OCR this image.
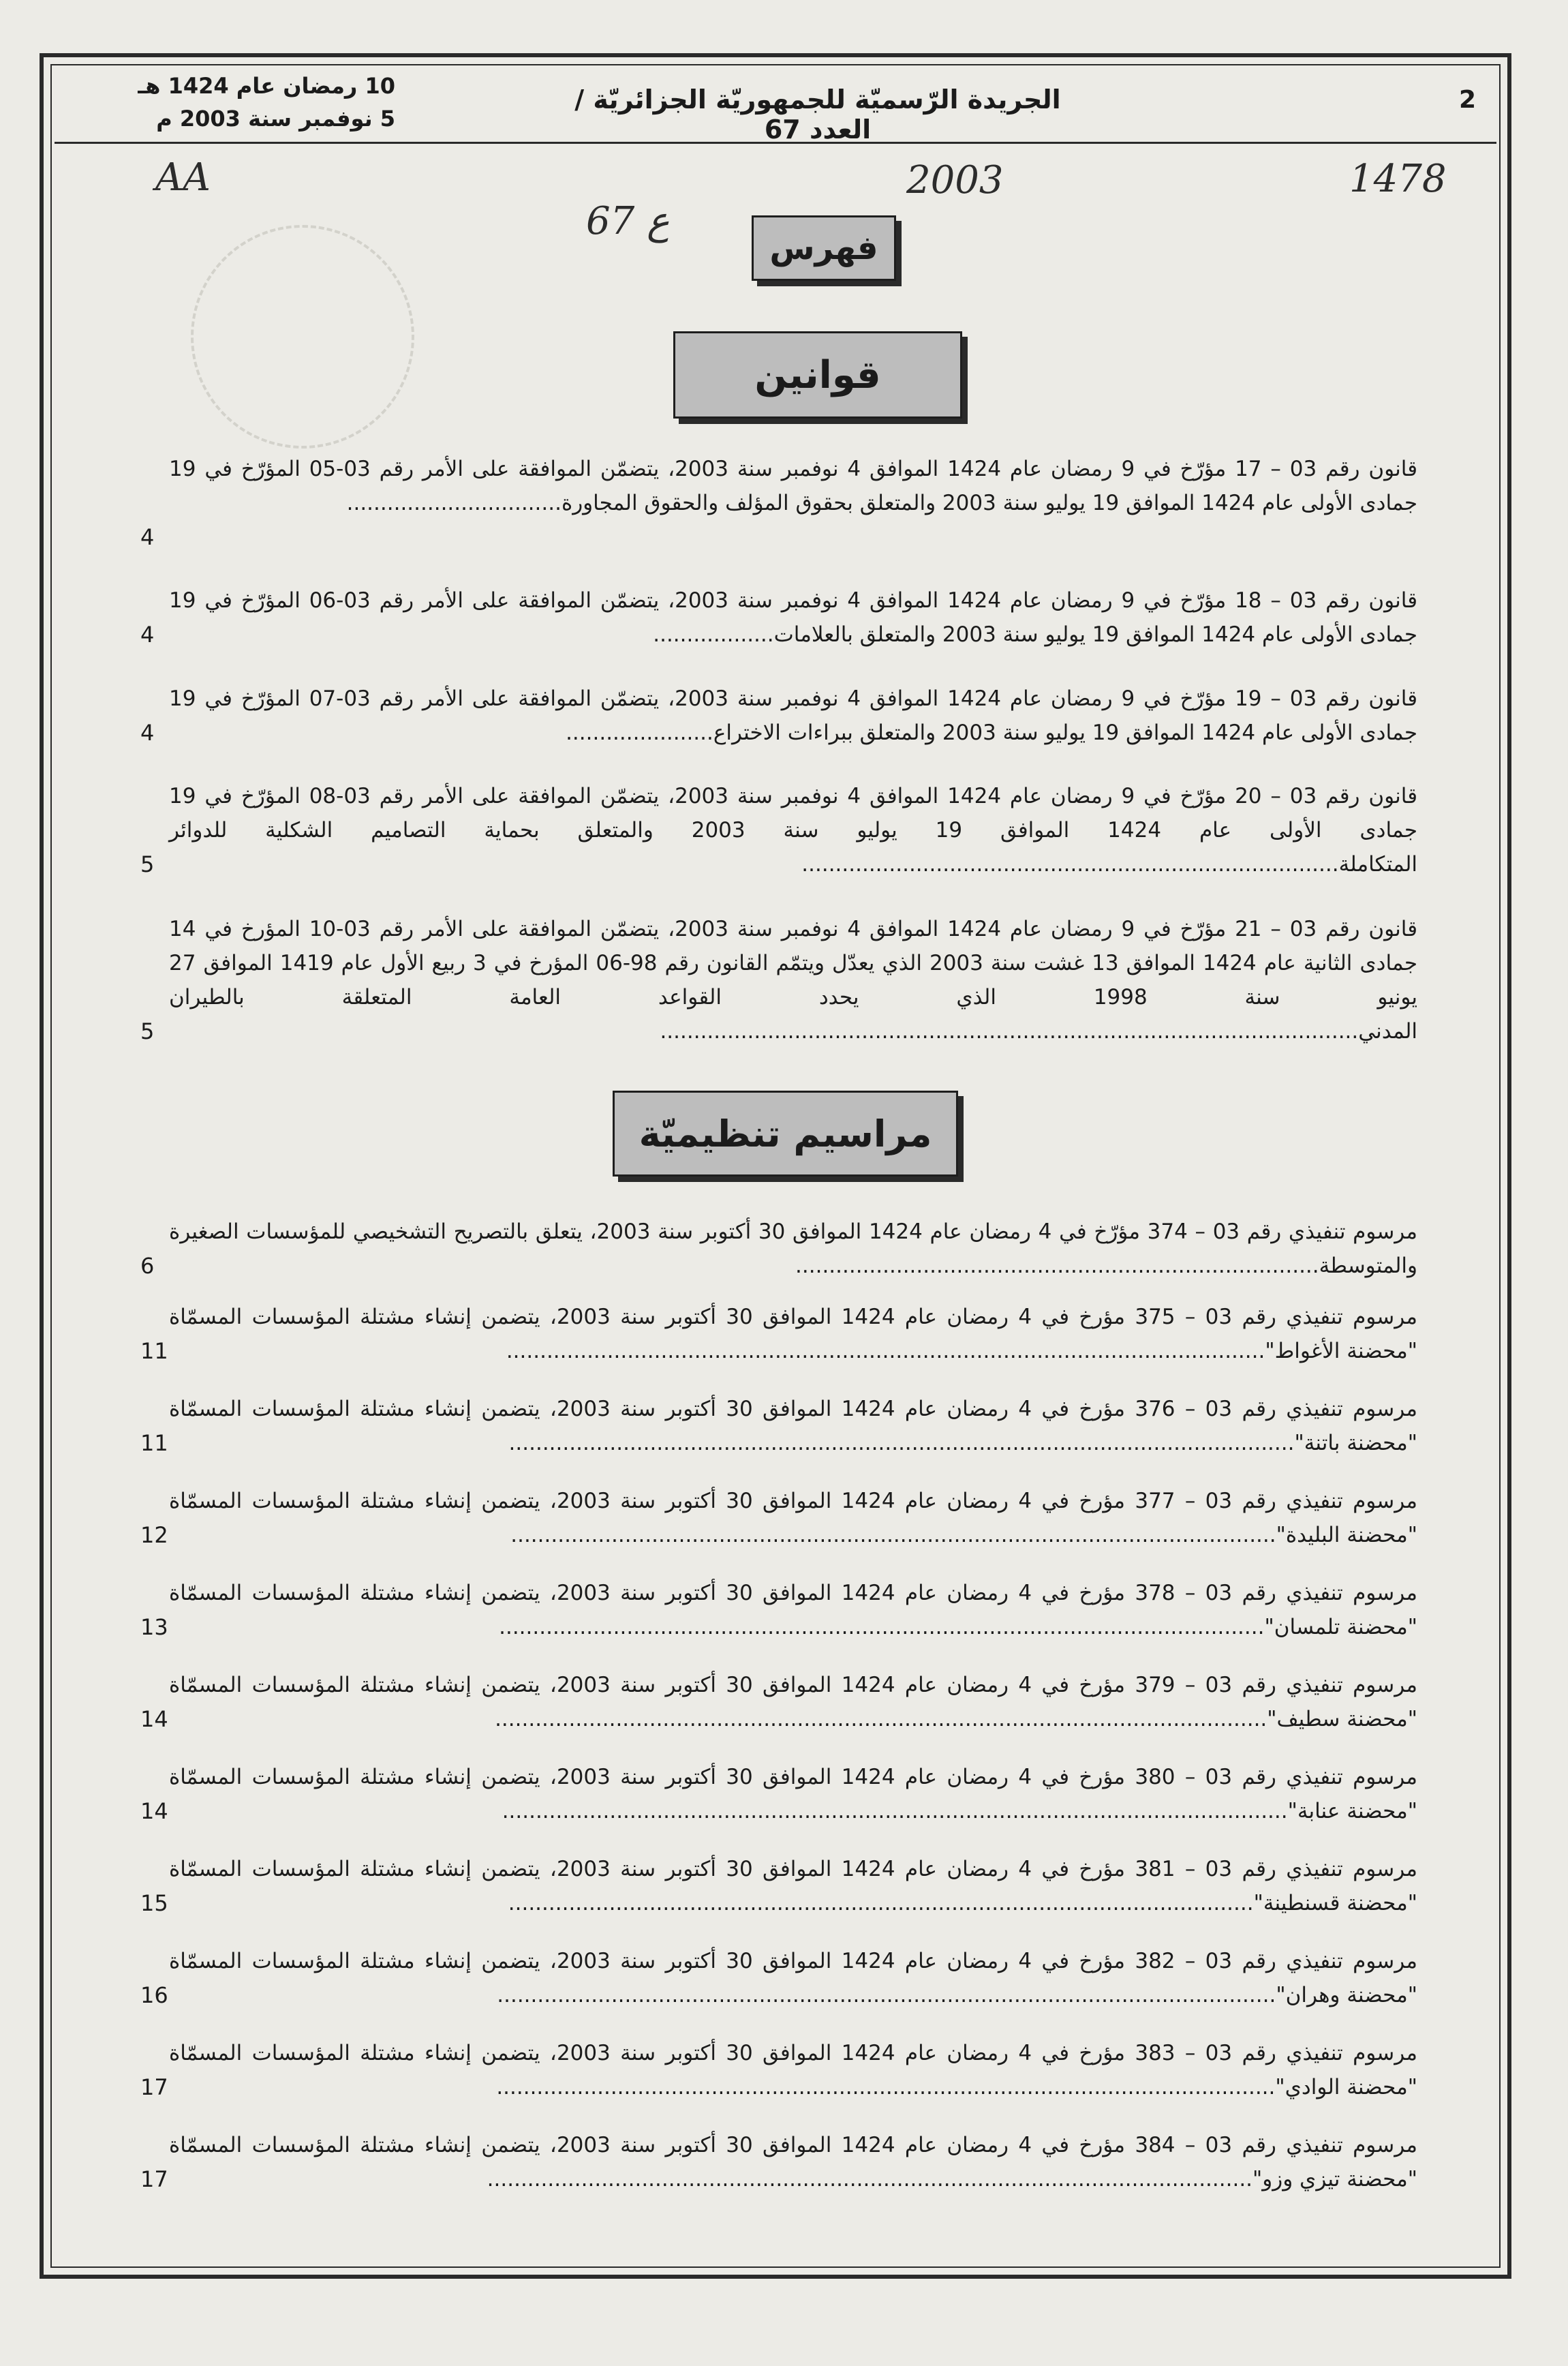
2
الجريدة الرّسميّة للجمهوريّة الجزائريّة / العدد 67
10 رمضان عام 1424 هـ
5 نوفمبر سنة 2003 م
AA
67 ع
2003	1478
فهرس
قوانين
مراسيم تنظيميّة
قانون رقم 03 – 17 مؤرّخ في 9 رمضان عام 1424 الموافق 4 نوفمبر سنة 2003، يتضمّن الموافقة على الأمر رقم 03-05 المؤرّخ في 19 جمادى الأولى عام 1424 الموافق 19 يوليو سنة 2003 والمتعلق بحقوق المؤلف والحقوق المجاورة................................
4
قانون رقم 03 – 18 مؤرّخ في 9 رمضان عام 1424 الموافق 4 نوفمبر سنة 2003، يتضمّن الموافقة على الأمر رقم 03-06 المؤرّخ في 19 جمادى الأولى عام 1424 الموافق 19 يوليو سنة 2003 والمتعلق بالعلامات..................
4
قانون رقم 03 – 19 مؤرّخ في 9 رمضان عام 1424 الموافق 4 نوفمبر سنة 2003، يتضمّن الموافقة على الأمر رقم 03-07 المؤرّخ في 19 جمادى الأولى عام 1424 الموافق 19 يوليو سنة 2003 والمتعلق ببراءات الاختراع......................
4
قانون رقم 03 – 20 مؤرّخ في 9 رمضان عام 1424 الموافق 4 نوفمبر سنة 2003، يتضمّن الموافقة على الأمر رقم 03-08 المؤرّخ في 19 جمادى الأولى عام 1424 الموافق 19 يوليو سنة 2003 والمتعلق بحماية التصاميم الشكلية للدوائر المتكاملة................................................................................
5
قانون رقم 03 – 21 مؤرّخ في 9 رمضان عام 1424 الموافق 4 نوفمبر سنة 2003، يتضمّن الموافقة على الأمر رقم 03-10 المؤرخ في 14 جمادى الثانية عام 1424 الموافق 13 غشت سنة 2003 الذي يعدّل ويتمّم القانون رقم 98-06 المؤرخ في 3 ربيع الأول عام 1419 الموافق 27 يونيو سنة 1998 الذي يحدد القواعد العامة المتعلقة بالطيران المدني........................................................................................................
5
مرسوم تنفيذي رقم 03 – 374 مؤرّخ في 4 رمضان عام 1424 الموافق 30 أكتوبر سنة 2003، يتعلق بالتصريح التشخيصي للمؤسسات الصغيرة والمتوسطة..............................................................................
6
مرسوم تنفيذي رقم 03 – 375 مؤرخ في 4 رمضان عام 1424 الموافق 30 أكتوبر سنة 2003، يتضمن إنشاء مشتلة المؤسسات المسمّاة "محضنة الأغواط".................................................................................................................
11
مرسوم تنفيذي رقم 03 – 376 مؤرخ في 4 رمضان عام 1424 الموافق 30 أكتوبر سنة 2003، يتضمن إنشاء مشتلة المؤسسات المسمّاة "محضنة باتنة".....................................................................................................................
11
مرسوم تنفيذي رقم 03 – 377 مؤرخ في 4 رمضان عام 1424 الموافق 30 أكتوبر سنة 2003، يتضمن إنشاء مشتلة المؤسسات المسمّاة "محضنة البليدة"..................................................................................................................
12
مرسوم تنفيذي رقم 03 – 378 مؤرخ في 4 رمضان عام 1424 الموافق 30 أكتوبر سنة 2003، يتضمن إنشاء مشتلة المؤسسات المسمّاة "محضنة تلمسان"..................................................................................................................
13
مرسوم تنفيذي رقم 03 – 379 مؤرخ في 4 رمضان عام 1424 الموافق 30 أكتوبر سنة 2003، يتضمن إنشاء مشتلة المؤسسات المسمّاة "محضنة سطيف"...................................................................................................................
14
مرسوم تنفيذي رقم 03 – 380 مؤرخ في 4 رمضان عام 1424 الموافق 30 أكتوبر سنة 2003، يتضمن إنشاء مشتلة المؤسسات المسمّاة "محضنة عنابة".....................................................................................................................
14
مرسوم تنفيذي رقم 03 – 381 مؤرخ في 4 رمضان عام 1424 الموافق 30 أكتوبر سنة 2003، يتضمن إنشاء مشتلة المؤسسات المسمّاة "محضنة قسنطينة"...............................................................................................................
15
مرسوم تنفيذي رقم 03 – 382 مؤرخ في 4 رمضان عام 1424 الموافق 30 أكتوبر سنة 2003، يتضمن إنشاء مشتلة المؤسسات المسمّاة "محضنة وهران"....................................................................................................................
16
مرسوم تنفيذي رقم 03 – 383 مؤرخ في 4 رمضان عام 1424 الموافق 30 أكتوبر سنة 2003، يتضمن إنشاء مشتلة المؤسسات المسمّاة "محضنة الوادي"....................................................................................................................
17
مرسوم تنفيذي رقم 03 – 384 مؤرخ في 4 رمضان عام 1424 الموافق 30 أكتوبر سنة 2003، يتضمن إنشاء مشتلة المؤسسات المسمّاة "محضنة تيزي وزو"..................................................................................................................
17
